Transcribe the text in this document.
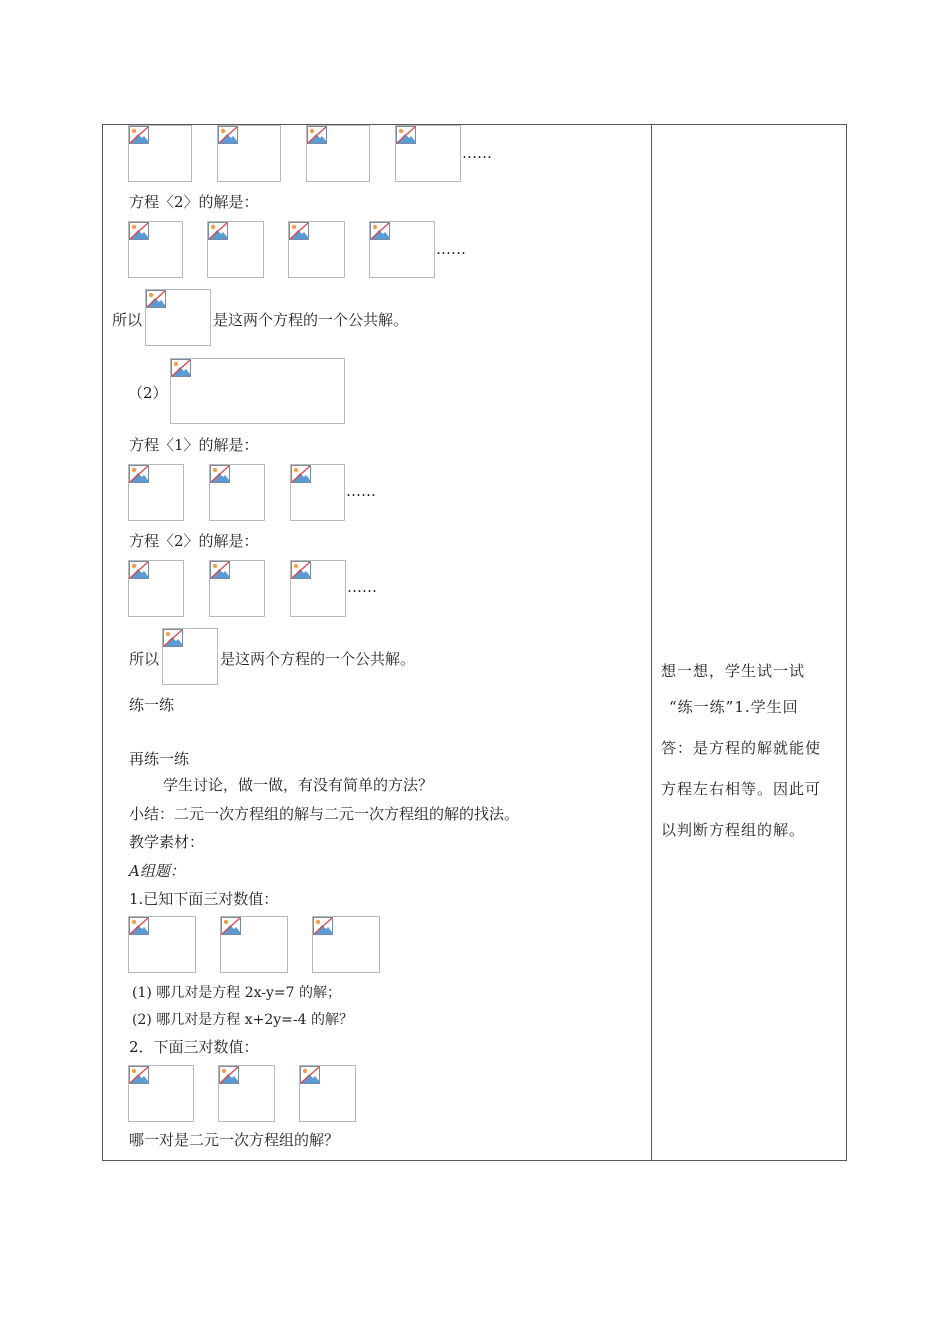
……
方程〈2〉的解是：
……
所以	是这两个方程的一个公共解。
（2）
方程〈1〉的解是：
……
方程〈2〉的解是：
……
所以	是这两个方程的一个公共解。
练一练
再练一练
学生讨论，做一做，有没有简单的方法？
小结：二元一次方程组的解与二元一次方程组的解的找法。
教学素材：
A组题：
1.已知下面三对数值：
(1) 哪几对是方程 2x-y=7 的解；
(2) 哪几对是方程 x+2y=-4 的解？
2．下面三对数值：
哪一对是二元一次方程组的解？
想一想，学生试一试
“练一练”1.学生回
答：是方程的解就能使
方程左右相等。因此可
以判断方程组的解。
